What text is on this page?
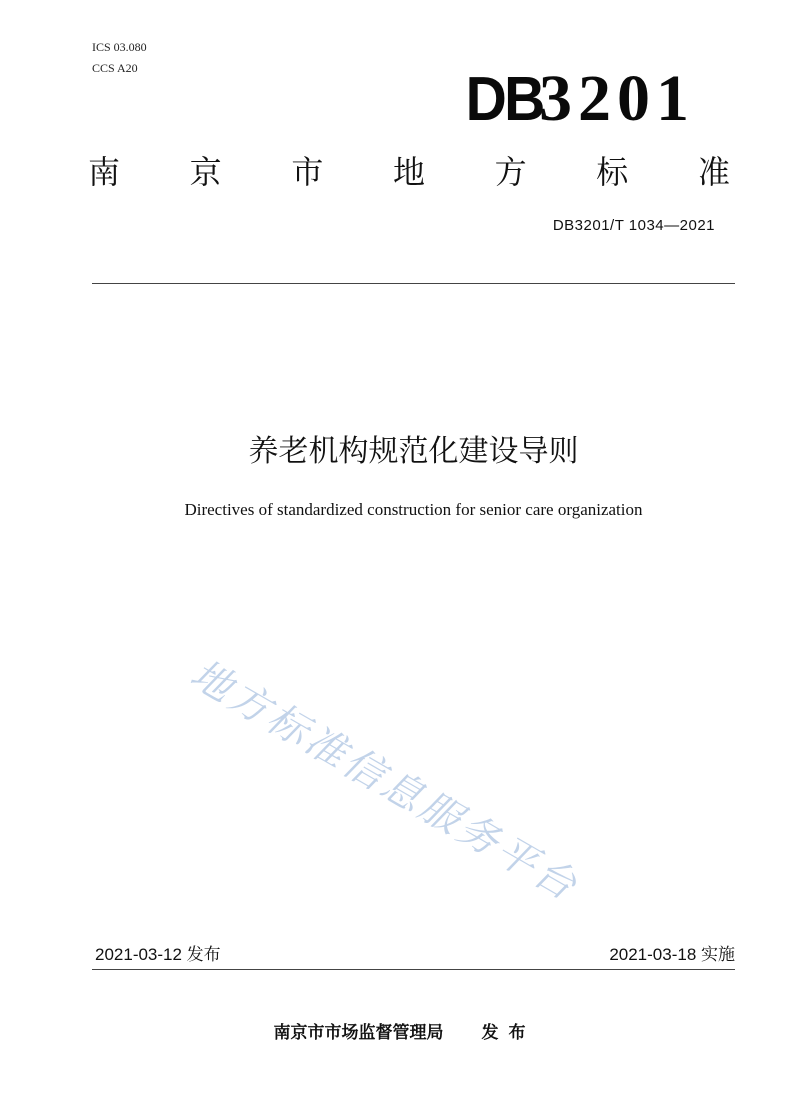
ICS 03.080
CCS A20	DB3201
南 京 市 地 方 标 准
DB3201/T 1034—2021
养老机构规范化建设导则
Directives of standardized construction for senior care organization
地方标准信息服务平台
2021-03-12 发布	2021-03-18 实施
南京市市场监督管理局 发布
